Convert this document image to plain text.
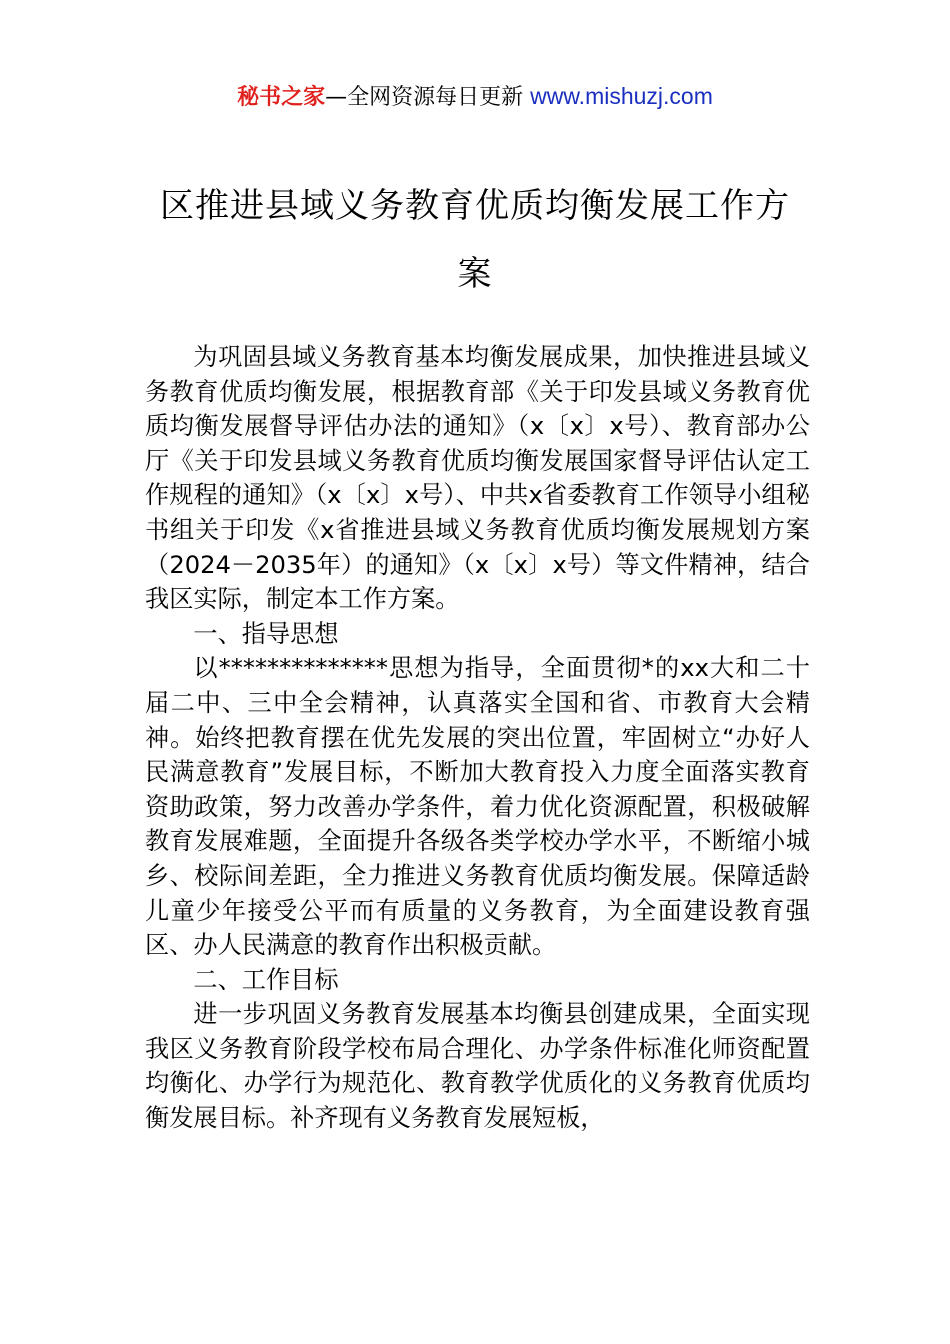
秘书之家—全网资源每日更新 www.mishuzj.com
区推进县域义务教育优质均衡发展工作方案

为巩固县域义务教育基本均衡发展成果，加快推进县域义务教育优质均衡发展，根据教育部《关于印发县域义务教育优质均衡发展督导评估办法的通知》（x〔x〕x号）、教育部办公厅《关于印发县域义务教育优质均衡发展国家督导评估认定工作规程的通知》（x〔x〕x号）、中共x省委教育工作领导小组秘书组关于印发《x省推进县域义务教育优质均衡发展规划方案（2024－2035年）的通知》（x〔x〕x号）等文件精神，结合我区实际，制定本工作方案。

一、指导思想

以**************思想为指导，全面贯彻*的xx大和二十届二中、三中全会精神，认真落实全国和省、市教育大会精神。始终把教育摆在优先发展的突出位置，牢固树立“办好人民满意教育”发展目标，不断加大教育投入力度全面落实教育资助政策，努力改善办学条件，着力优化资源配置，积极破解教育发展难题，全面提升各级各类学校办学水平，不断缩小城乡、校际间差距，全力推进义务教育优质均衡发展。保障适龄儿童少年接受公平而有质量的义务教育，为全面建设教育强区、办人民满意的教育作出积极贡献。

二、工作目标

进一步巩固义务教育发展基本均衡县创建成果，全面实现我区义务教育阶段学校布局合理化、办学条件标准化师资配置均衡化、办学行为规范化、教育教学优质化的义务教育优质均衡发展目标。补齐现有义务教育发展短板，
